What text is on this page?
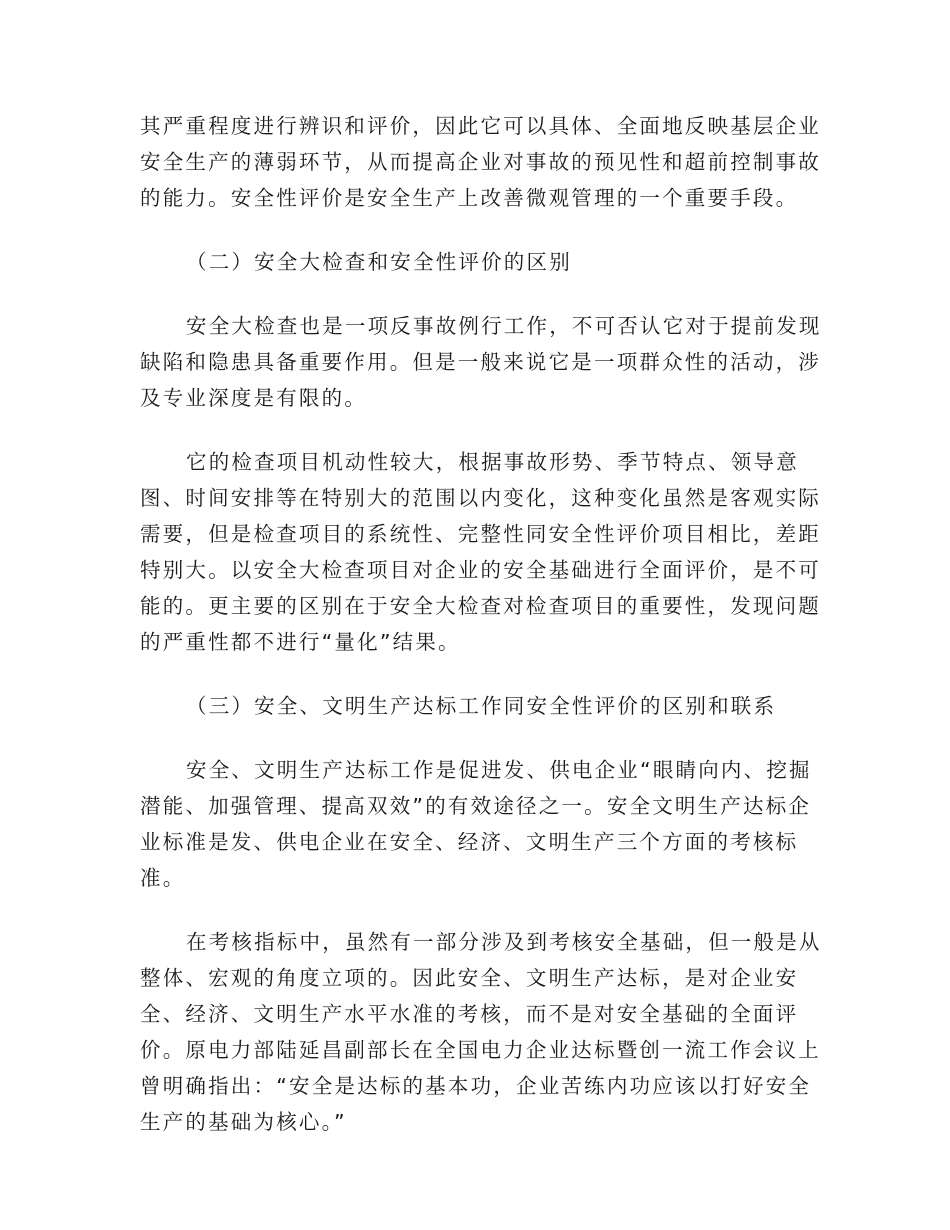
其严重程度进行辨识和评价，因此它可以具体、全面地反映基层企业
安全生产的薄弱环节，从而提高企业对事故的预见性和超前控制事故
的能力。安全性评价是安全生产上改善微观管理的一个重要手段。
（二）安全大检查和安全性评价的区别
安全大检查也是一项反事故例行工作，不可否认它对于提前发现
缺陷和隐患具备重要作用。但是一般来说它是一项群众性的活动，涉
及专业深度是有限的。
它的检查项目机动性较大，根据事故形势、季节特点、领导意
图、时间安排等在特别大的范围以内变化，这种变化虽然是客观实际
需要，但是检查项目的系统性、完整性同安全性评价项目相比，差距
特别大。以安全大检查项目对企业的安全基础进行全面评价，是不可
能的。更主要的区别在于安全大检查对检查项目的重要性，发现问题
的严重性都不进行“量化”结果。
（三）安全、文明生产达标工作同安全性评价的区别和联系
安全、文明生产达标工作是促进发、供电企业“眼睛向内、挖掘
潜能、加强管理、提高双效”的有效途径之一。安全文明生产达标企
业标准是发、供电企业在安全、经济、文明生产三个方面的考核标
准。
在考核指标中，虽然有一部分涉及到考核安全基础，但一般是从
整体、宏观的角度立项的。因此安全、文明生产达标，是对企业安
全、经济、文明生产水平水准的考核，而不是对安全基础的全面评
价。原电力部陆延昌副部长在全国电力企业达标暨创一流工作会议上
曾明确指出：“安全是达标的基本功，企业苦练内功应该以打好安全
生产的基础为核心。”
